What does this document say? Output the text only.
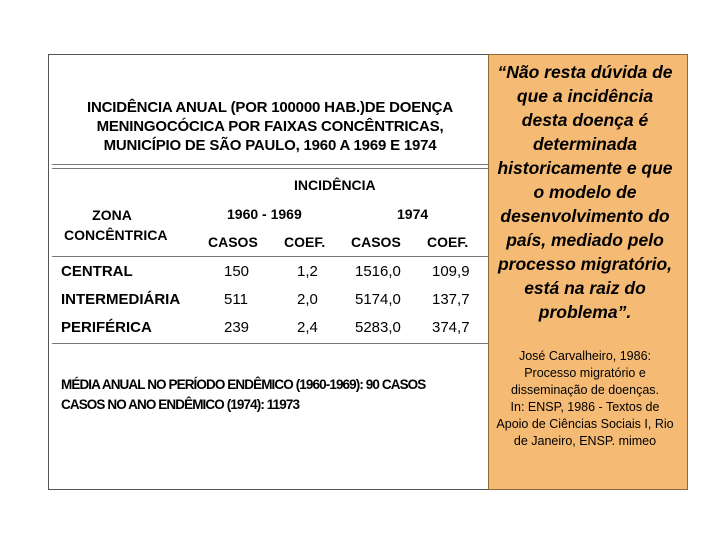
INCIDÊNCIA ANUAL (POR 100000 HAB.)DE DOENÇA
MENINGOCÓCICA POR FAIXAS CONCÊNTRICAS,
MUNICÍPIO DE SÃO PAULO, 1960 A 1969 E 1974
INCIDÊNCIA
ZONA
CONCÊNTRICA
1960 - 1969	1974
CASOS COEF. CASOS COEF.
CENTRAL	150	1,2 1516,0 109,9
INTERMEDIÁRIA	511	2,0 5174,0 137,7
PERIFÉRICA	239	2,4 5283,0 374,7
MÉDIA ANUAL NO PERÍODO ENDÊMICO (1960-1969): 90 CASOS
CASOS NO ANO ENDÊMICO (1974): 11973
“Não resta dúvida de
que a incidência
desta doença é
determinada
historicamente e que
o modelo de
desenvolvimento do
país, mediado pelo
processo migratório,
está na raiz do
problema”.
José Carvalheiro, 1986:
Processo migratório e
disseminação de doenças.
In: ENSP, 1986 - Textos de
Apoio de Ciências Sociais I, Rio
de Janeiro, ENSP. mimeo
